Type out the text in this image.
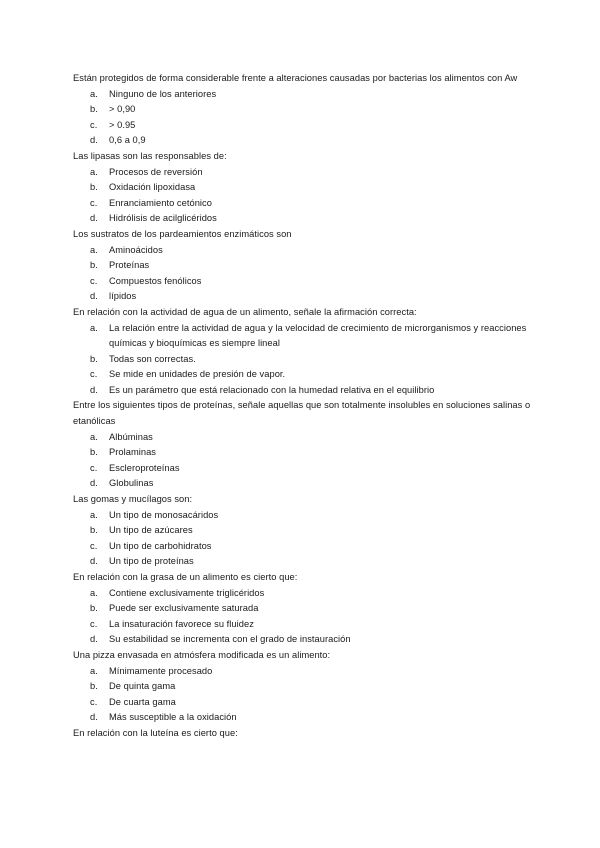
Están protegidos de forma considerable frente a alteraciones causadas por bacterias los alimentos con Aw
a. Ninguno de los anteriores
b. > 0,90
c. > 0.95
d. 0,6 a 0,9
Las lipasas son las responsables de:
a. Procesos de reversión
b. Oxidación lipoxidasa
c. Enranciamiento cetónico
d. Hidrólisis de acilglicéridos
Los sustratos de los pardeamientos enzimáticos son
a. Aminoácidos
b. Proteínas
c. Compuestos fenólicos
d. lípidos
En relación con la actividad de agua de un alimento, señale la afirmación correcta:
a. La relación entre la actividad de agua y la velocidad de crecimiento de microrganismos y reacciones químicas y bioquímicas es siempre lineal
b. Todas son correctas.
c. Se mide en unidades de presión de vapor.
d. Es un parámetro que está relacionado con la humedad relativa en el equilibrio
Entre los siguientes tipos de proteínas, señale aquellas que son totalmente insolubles en soluciones salinas o etanólicas
a. Albúminas
b. Prolaminas
c. Escleroproteínas
d. Globulinas
Las gomas y mucílagos son:
a. Un tipo de monosacáridos
b. Un tipo de azúcares
c. Un tipo de carbohidratos
d. Un tipo de proteínas
En relación con la grasa de un alimento es cierto que:
a. Contiene exclusivamente triglicéridos
b. Puede ser exclusivamente saturada
c. La insaturación favorece su fluidez
d. Su estabilidad se incrementa con el grado de instauración
Una pizza envasada en atmósfera modificada es un alimento:
a. Mínimamente procesado
b. De quinta gama
c. De cuarta gama
d. Más susceptible a la oxidación
En relación con la luteína es cierto que:
